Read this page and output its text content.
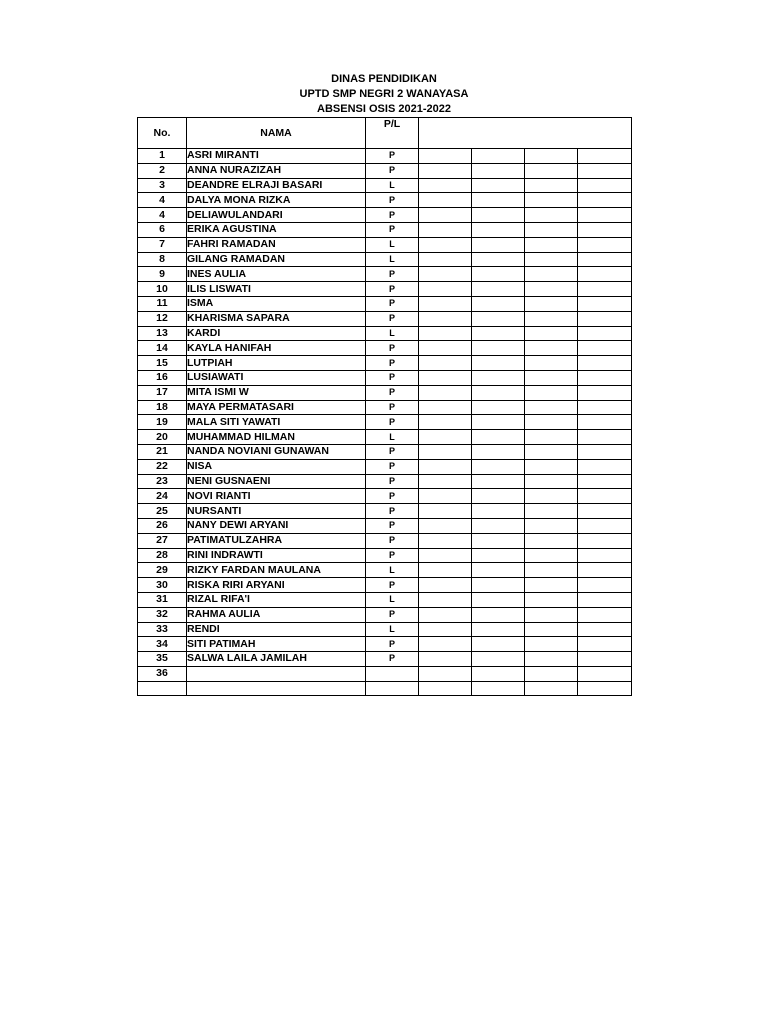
DINAS PENDIDIKAN
UPTD SMP NEGRI 2 WANAYASA
ABSENSI OSIS 2021-2022
No.	NAMA	P/L				
1	ASRI MIRANTI	P				
2	ANNA NURAZIZAH	P				
3	DEANDRE ELRAJI BASARI	L				
4	DALYA MONA RIZKA	P				
4	DELIAWULANDARI	P				
6	ERIKA AGUSTINA	P				
7	FAHRI RAMADAN	L				
8	GILANG RAMADAN	L				
9	INES AULIA	P				
10	ILIS LISWATI	P				
11	ISMA	P				
12	KHARISMA SAPARA	P				
13	KARDI	L				
14	KAYLA HANIFAH	P				
15	LUTPIAH	P				
16	LUSIAWATI	P				
17	MITA ISMI W	P				
18	MAYA PERMATASARI	P				
19	MALA SITI YAWATI	P				
20	MUHAMMAD HILMAN	L				
21	NANDA NOVIANI GUNAWAN	P				
22	NISA	P				
23	NENI GUSNAENI	P				
24	NOVI RIANTI	P				
25	NURSANTI	P				
26	NANY DEWI ARYANI	P				
27	PATIMATULZAHRA	P				
28	RINI INDRAWTI	P				
29	RIZKY FARDAN MAULANA	L				
30	RISKA RIRI ARYANI	P				
31	RIZAL RIFA'I	L				
32	RAHMA AULIA	P				
33	RENDI	L				
34	SITI PATIMAH	P				
35	SALWA LAILA JAMILAH	P				
36						
